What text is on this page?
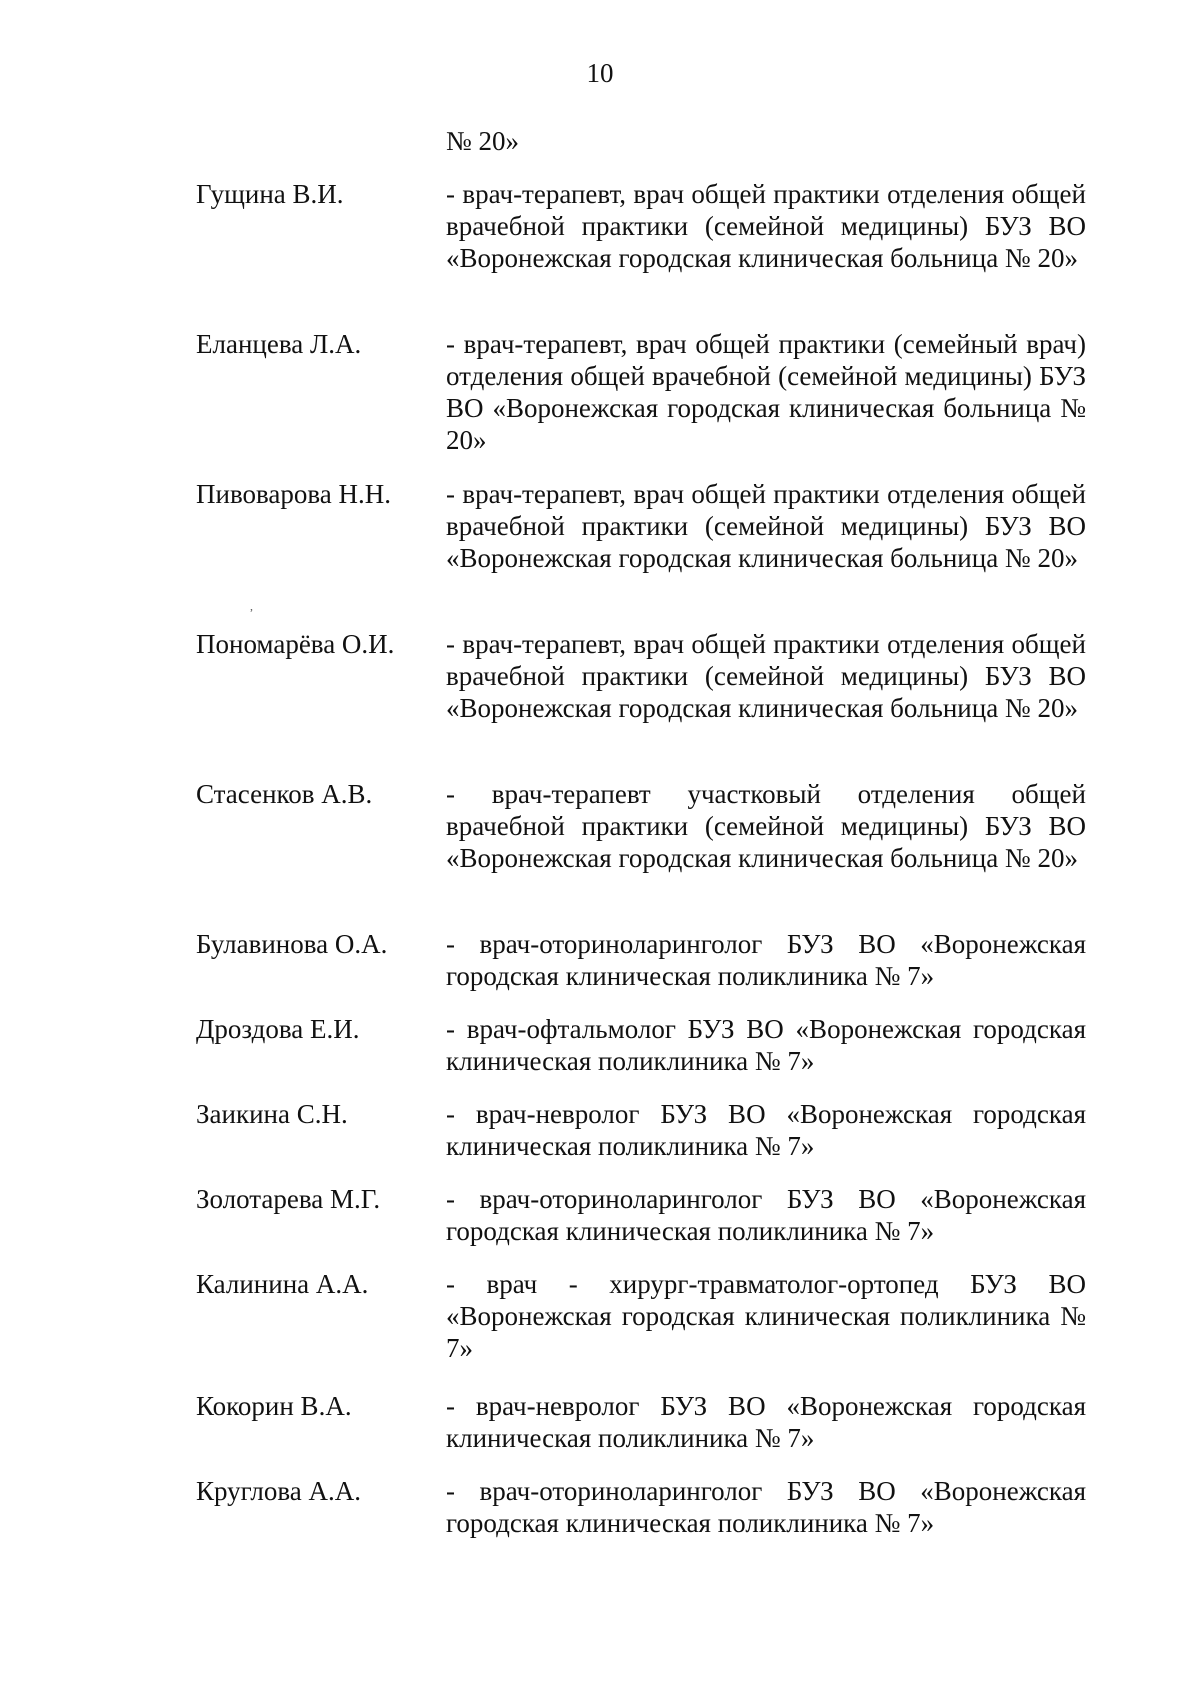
10
№ 20»
Гущина В.И.	- врач-терапевт, врач общей практики отделения общей врачебной практики (семейной медицины) БУЗ ВО «Воронежская городская клиническая больница № 20»
Еланцева Л.А.	- врач-терапевт, врач общей практики (семейный врач) отделения общей врачебной (семейной медицины) БУЗ ВО «Воронежская городская клиническая больница № 20»
Пивоварова Н.Н.	- врач-терапевт, врач общей практики отделения общей врачебной практики (семейной медицины) БУЗ ВО «Воронежская городская клиническая больница № 20»
,
Пономарёва О.И.	- врач-терапевт, врач общей практики отделения общей врачебной практики (семейной медицины) БУЗ ВО «Воронежская городская клиническая больница № 20»
Стасенков А.В.	- врач-терапевт участковый отделения общей врачебной практики (семейной медицины) БУЗ ВО «Воронежская городская клиническая больница № 20»
Булавинова О.А.	- врач-оториноларинголог БУЗ ВО «Воронежская городская клиническая поликлиника № 7»
Дроздова Е.И.	- врач-офтальмолог БУЗ ВО «Воронежская городская клиническая поликлиника № 7»
Заикина С.Н.	- врач-невролог БУЗ ВО «Воронежская городская клиническая поликлиника № 7»
Золотарева М.Г.	- врач-оториноларинголог БУЗ ВО «Воронежская городская клиническая поликлиника № 7»
Калинина А.А.	- врач - хирург-травматолог-ортопед БУЗ ВО «Воронежская городская клиническая поликлиника № 7»
Кокорин В.А.	- врач-невролог БУЗ ВО «Воронежская городская клиническая поликлиника № 7»
Круглова А.А.	- врач-оториноларинголог БУЗ ВО «Воронежская городская клиническая поликлиника № 7»
